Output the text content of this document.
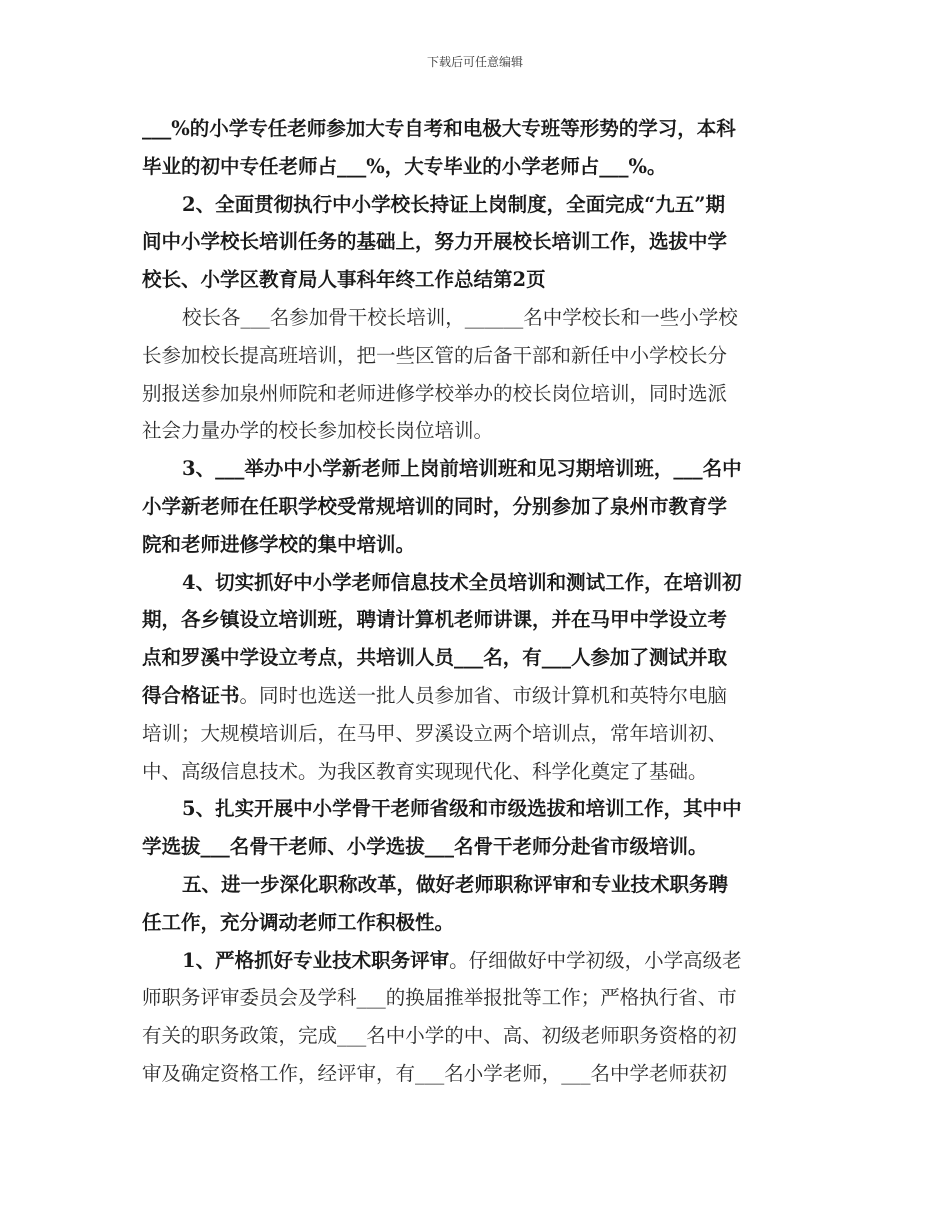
下载后可任意编辑
___%的小学专任老师参加大专自考和电极大专班等形势的学习，本科
毕业的初中专任老师占___%，大专毕业的小学老师占___%。
2、全面贯彻执行中小学校长持证上岗制度，全面完成“九五”期
间中小学校长培训任务的基础上，努力开展校长培训工作，选拔中学
校长、小学区教育局人事科年终工作总结第2页
校长各___名参加骨干校长培训，______名中学校长和一些小学校
长参加校长提高班培训，把一些区管的后备干部和新任中小学校长分
别报送参加泉州师院和老师进修学校举办的校长岗位培训，同时选派
社会力量办学的校长参加校长岗位培训。
3、___举办中小学新老师上岗前培训班和见习期培训班，___名中
小学新老师在任职学校受常规培训的同时，分别参加了泉州市教育学
院和老师进修学校的集中培训。
4、切实抓好中小学老师信息技术全员培训和测试工作，在培训初
期，各乡镇设立培训班，聘请计算机老师讲课，并在马甲中学设立考
点和罗溪中学设立考点，共培训人员___名，有___人参加了测试并取
得合格证书。同时也选送一批人员参加省、市级计算机和英特尔电脑
培训；大规模培训后，在马甲、罗溪设立两个培训点，常年培训初、
中、高级信息技术。为我区教育实现现代化、科学化奠定了基础。
5、扎实开展中小学骨干老师省级和市级选拔和培训工作，其中中
学选拔___名骨干老师、小学选拔___名骨干老师分赴省市级培训。
五、进一步深化职称改革，做好老师职称评审和专业技术职务聘
任工作，充分调动老师工作积极性。
1、严格抓好专业技术职务评审。仔细做好中学初级，小学高级老
师职务评审委员会及学科___的换届推举报批等工作；严格执行省、市
有关的职务政策，完成___名中小学的中、高、初级老师职务资格的初
审及确定资格工作，经评审，有___名小学老师，___名中学老师获初
